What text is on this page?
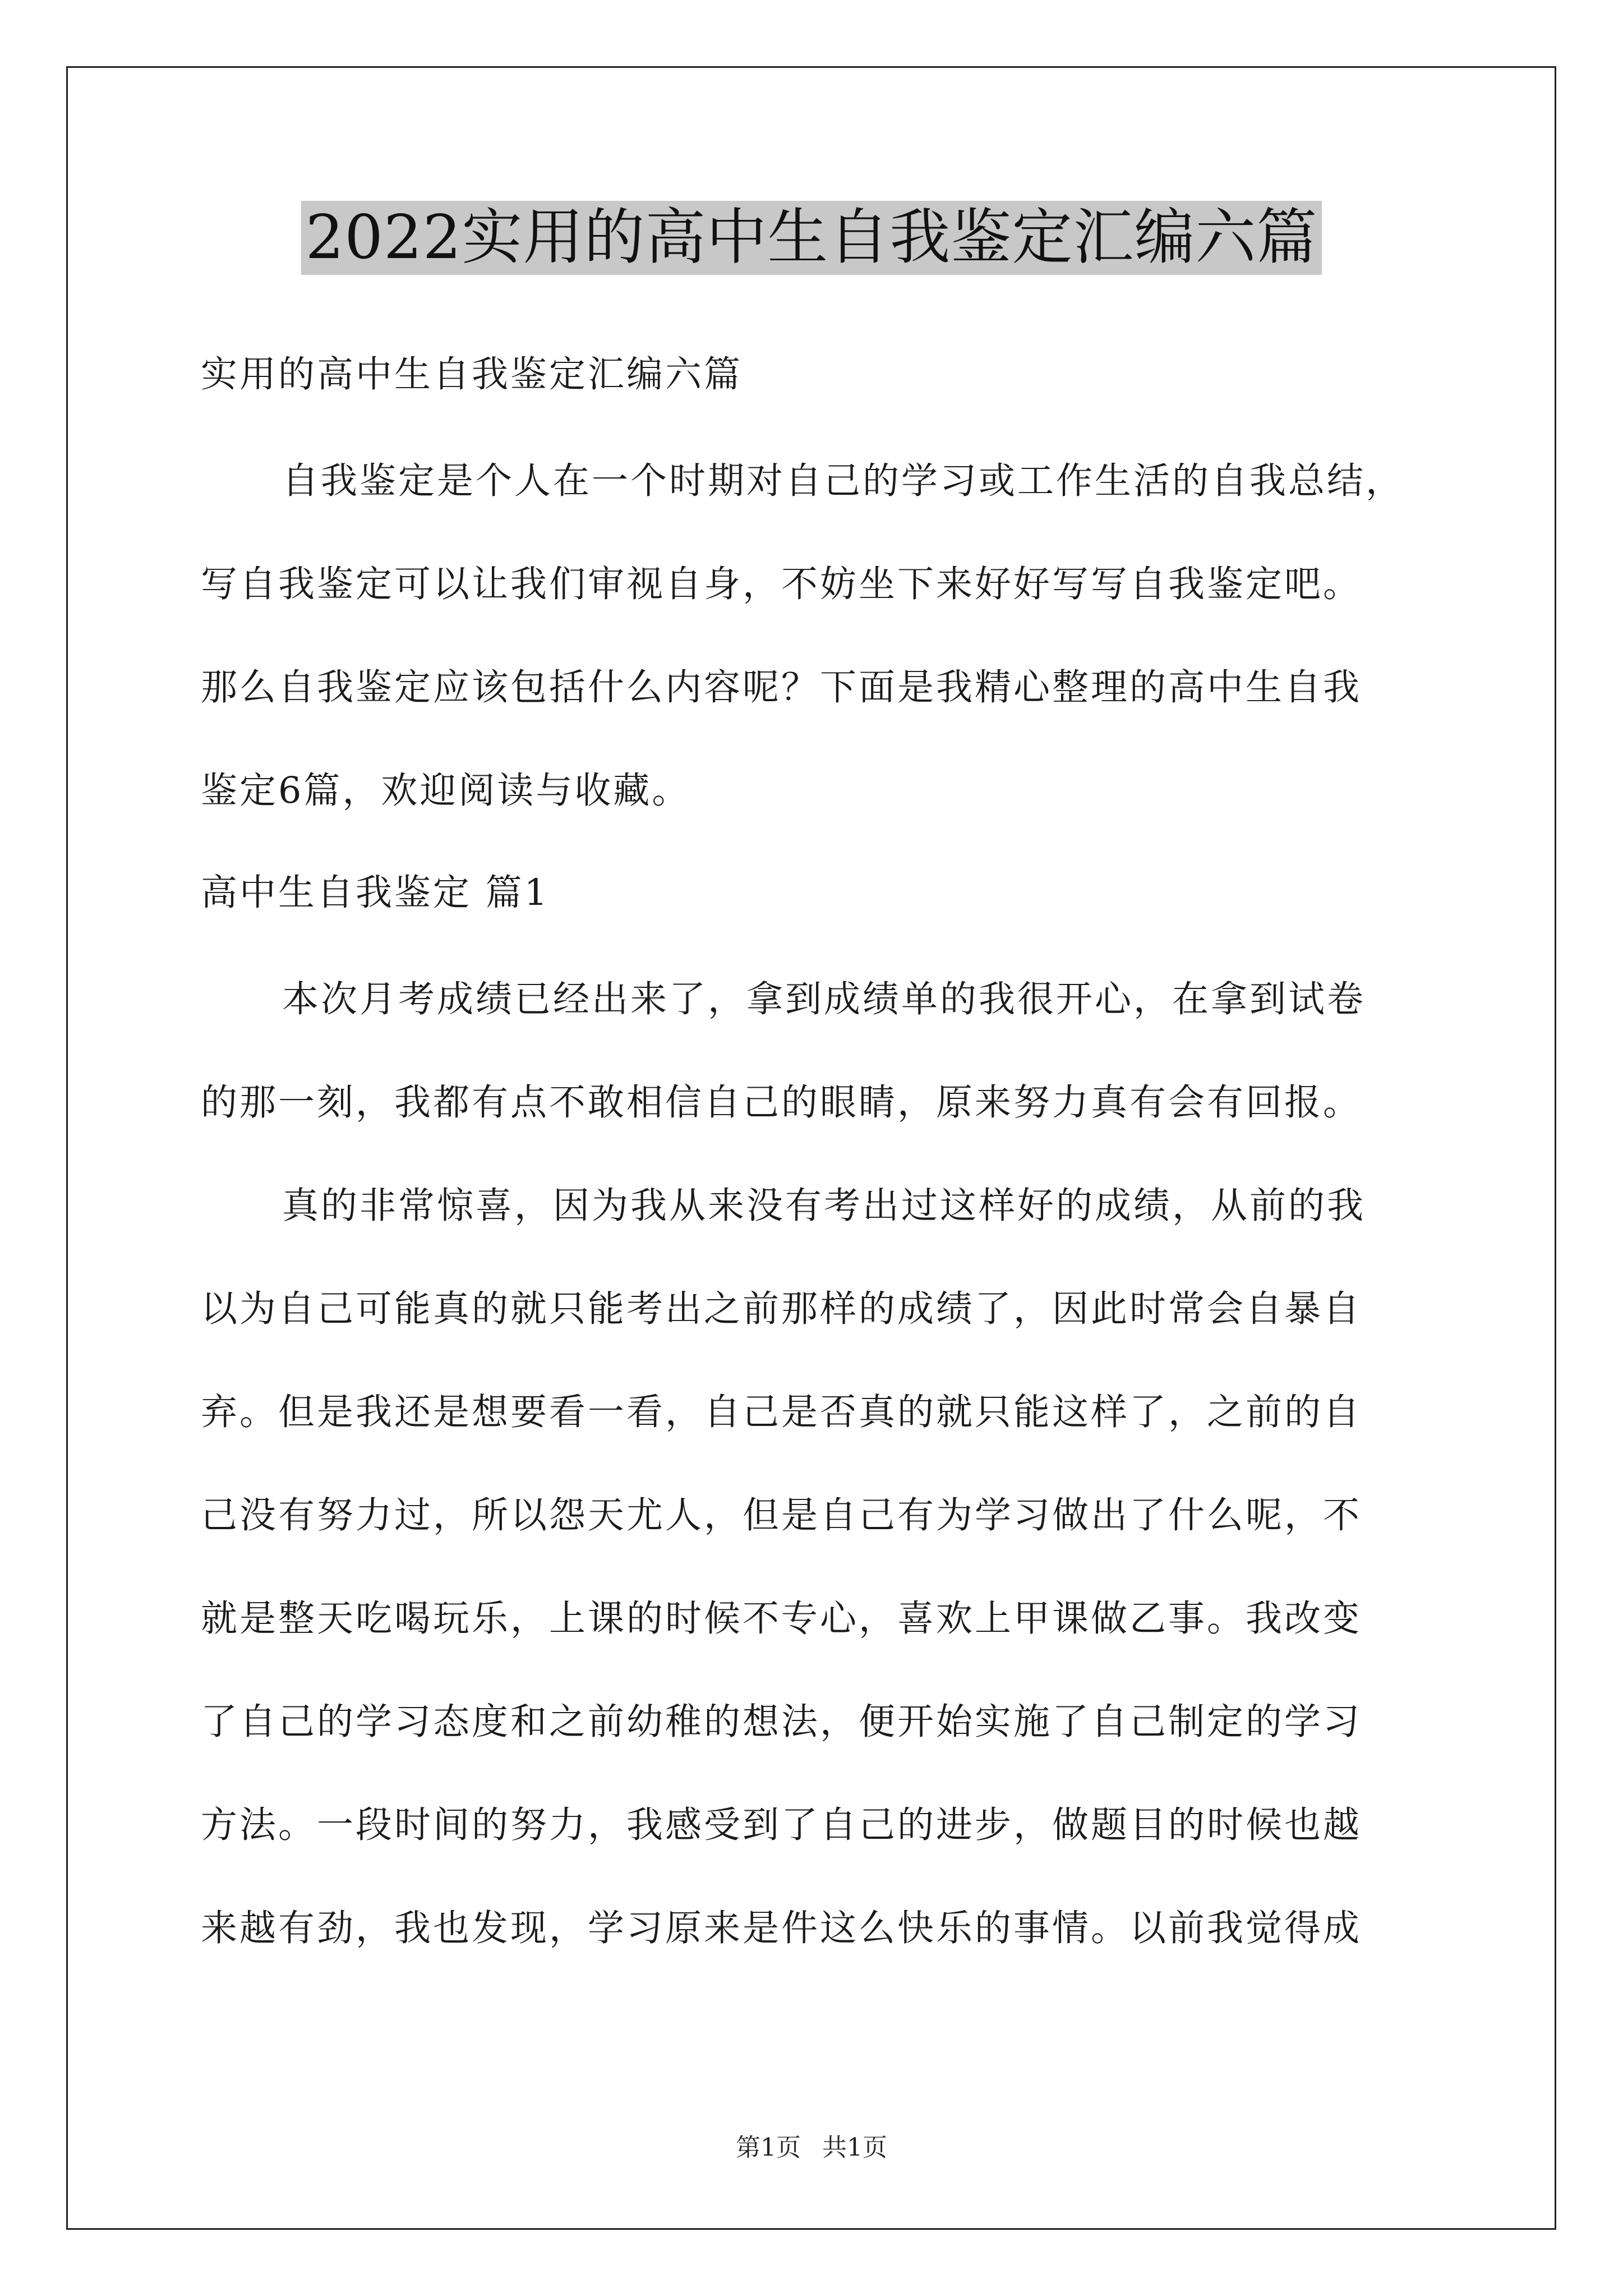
2022实用的高中生自我鉴定汇编六篇
实用的高中生自我鉴定汇编六篇
自我鉴定是个人在一个时期对自己的学习或工作生活的自我总结，
写自我鉴定可以让我们审视自身，不妨坐下来好好写写自我鉴定吧。
那么自我鉴定应该包括什么内容呢？下面是我精心整理的高中生自我
鉴定6篇，欢迎阅读与收藏。
高中生自我鉴定 篇1
本次月考成绩已经出来了，拿到成绩单的我很开心，在拿到试卷
的那一刻，我都有点不敢相信自己的眼睛，原来努力真有会有回报。
真的非常惊喜，因为我从来没有考出过这样好的成绩，从前的我
以为自己可能真的就只能考出之前那样的成绩了，因此时常会自暴自
弃。但是我还是想要看一看，自己是否真的就只能这样了，之前的自
己没有努力过，所以怨天尤人，但是自己有为学习做出了什么呢，不
就是整天吃喝玩乐，上课的时候不专心，喜欢上甲课做乙事。我改变
了自己的学习态度和之前幼稚的想法，便开始实施了自己制定的学习
方法。一段时间的努力，我感受到了自己的进步，做题目的时候也越
来越有劲，我也发现，学习原来是件这么快乐的事情。以前我觉得成
第1页 共1页
